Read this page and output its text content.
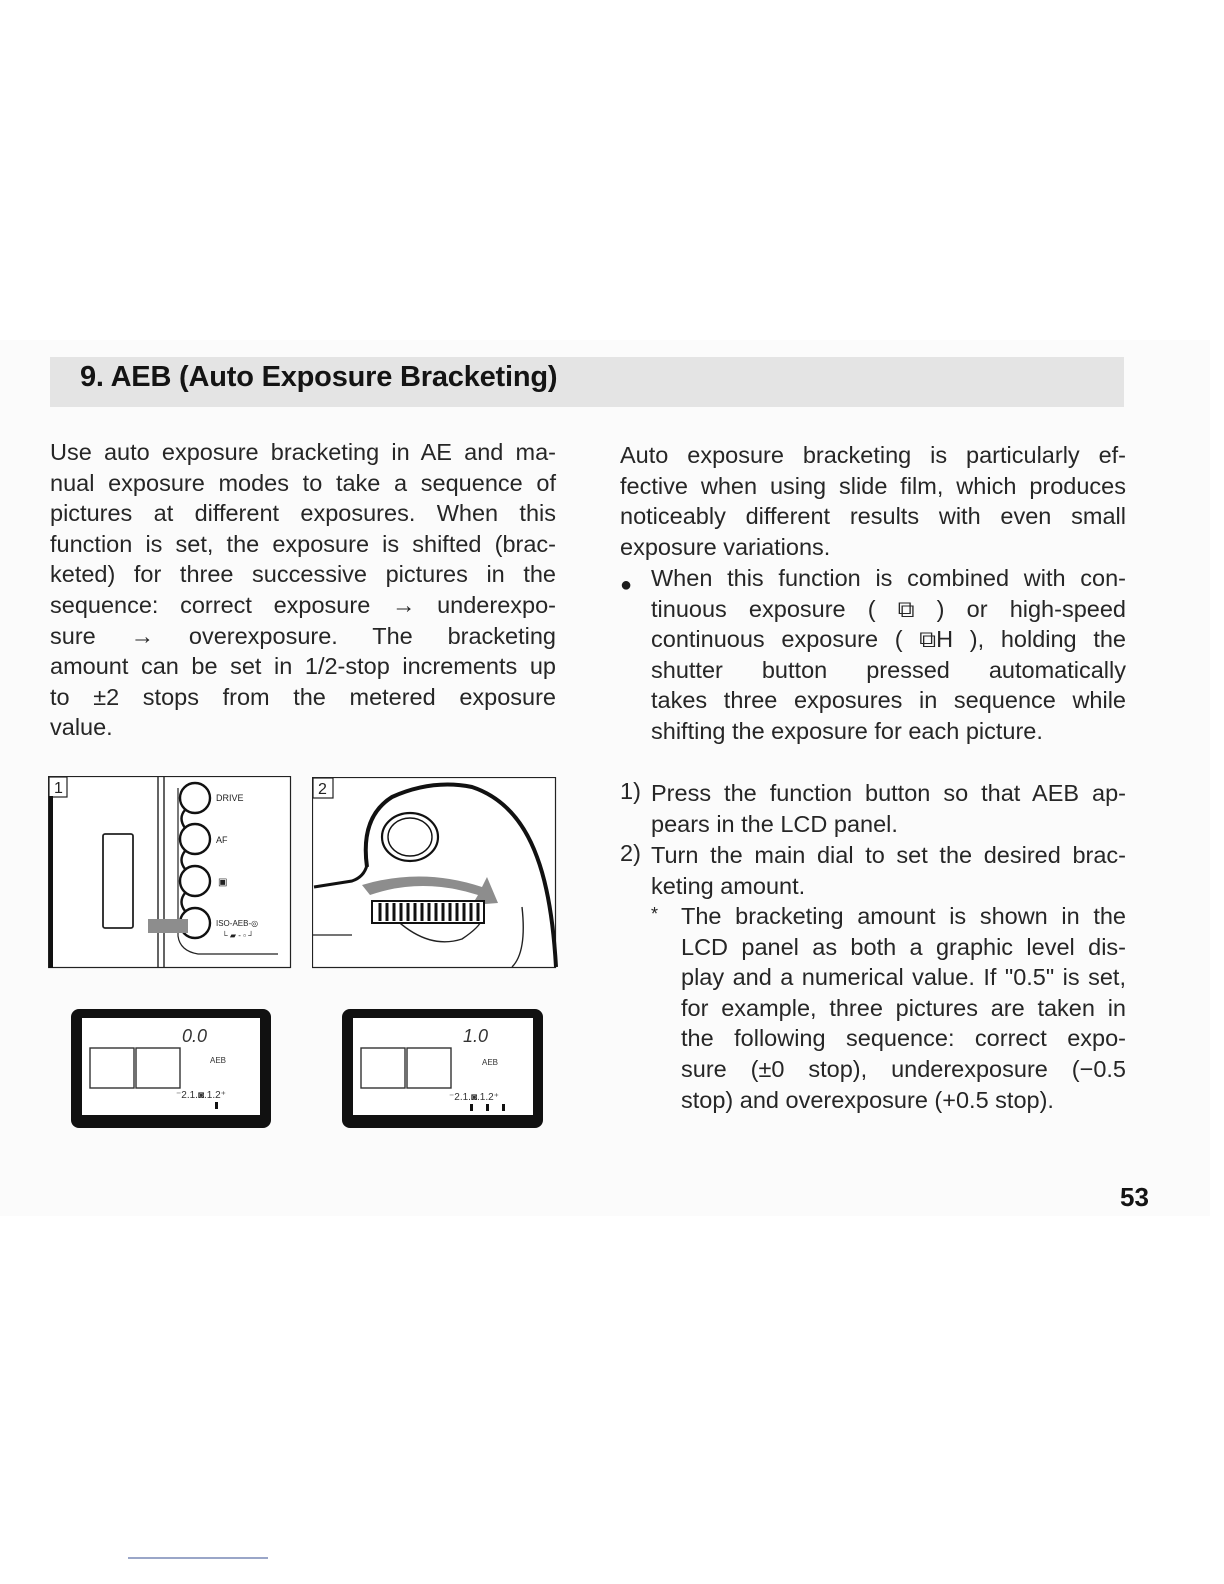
9. AEB (Auto Exposure Bracketing)
Use auto exposure bracketing in AE and ma-
nual exposure modes to take a sequence of
pictures at different exposures. When this
function is set, the exposure is shifted (brac-
keted) for three successive pictures in the
sequence: correct exposure → underexpo-
sure → overexposure. The bracketing
amount can be set in 1/2-stop increments up
to ±2 stops from the metered exposure
value.
Auto exposure bracketing is particularly ef-
fective when using slide film, which produces
noticeably different results with even small
exposure variations.
● When this function is combined with con-
tinuous exposure ( ⧉ ) or high-speed
continuous exposure ( ⧉H ), holding the
shutter button pressed automatically
takes three exposures in sequence while
shifting the exposure for each picture.
1) Press the function button so that AEB ap-
pears in the LCD panel.
2) Turn the main dial to set the desired brac-
keting amount.
* The bracketing amount is shown in the
LCD panel as both a graphic level dis-
play and a numerical value. If "0.5" is set,
for example, three pictures are taken in
the following sequence: correct expo-
sure (±0 stop), underexposure (−0.5
stop) and overexposure (+0.5 stop).
1
DRIVE
AF
▣
ISO-AEB-◎
└ ▰ - ▫ ┘
2
0.0
AEB
⁻2.1.◙.1.2⁺
1.0
AEB
⁻2.1.◙.1.2⁺
53
